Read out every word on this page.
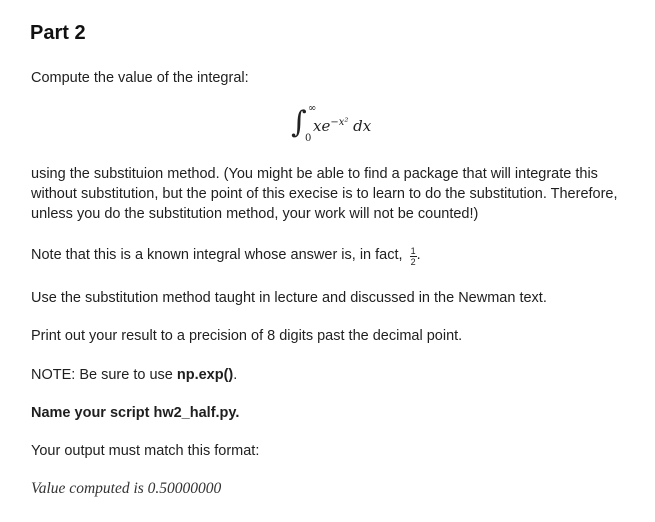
Part 2
Compute the value of the integral:
∫ ∞
0
$xe^{-x^2}$ dx
using the substituion method. (You might be able to find a package that will integrate this without substitution, but the point of this execise is to learn to do the substitution. Therefore, unless you do the substitution method, your work will not be counted!)
Note that this is a known integral whose answer is, in fact, $\frac{1}{2}$ .
Use the substitution method taught in lecture and discussed in the Newman text.
Print out your result to a precision of 8 digits past the decimal point.
NOTE: Be sure to use np.exp().
Name your script hw2_half.py.
Your output must match this format:
Value computed is 0.50000000
